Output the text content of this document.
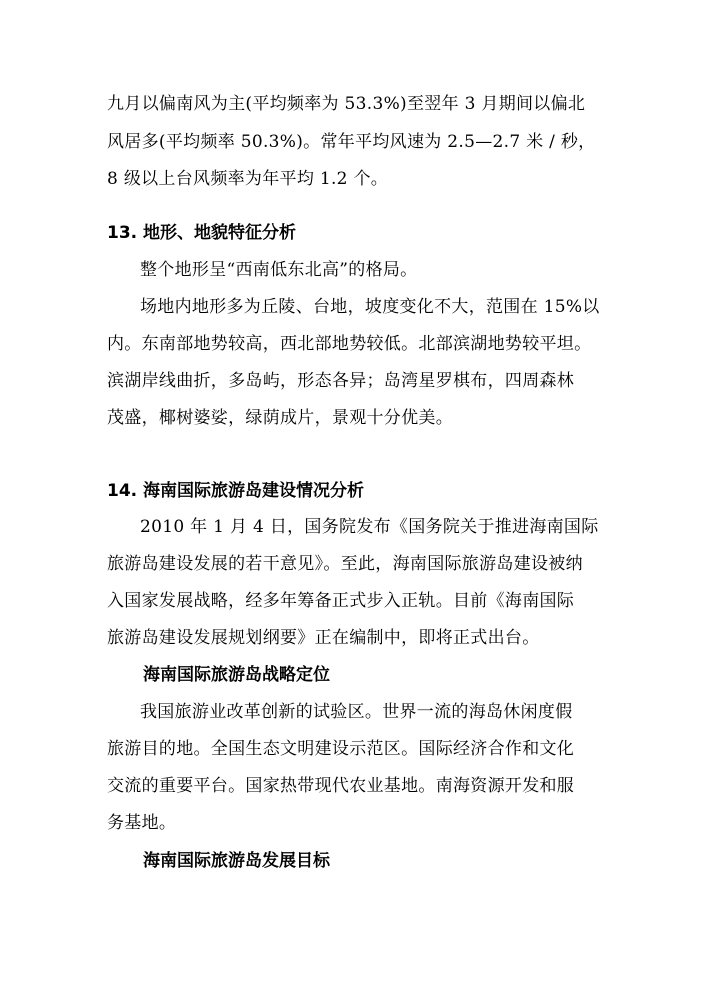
九月以偏南风为主(平均频率为 53.3%)至翌年 3 月期间以偏北
风居多(平均频率 50.3%)。常年平均风速为 2.5—2.7 米 / 秒，
8 级以上台风频率为年平均 1.2 个。
13. 地形、地貌特征分析
整个地形呈“西南低东北高”的格局。
场地内地形多为丘陵、台地，坡度变化不大，范围在 15%以
内。东南部地势较高，西北部地势较低。北部滨湖地势较平坦。
滨湖岸线曲折，多岛屿，形态各异；岛湾星罗棋布，四周森林
茂盛，椰树婆娑，绿荫成片，景观十分优美。
14. 海南国际旅游岛建设情况分析
2010 年 1 月 4 日，国务院发布《国务院关于推进海南国际
旅游岛建设发展的若干意见》。至此，海南国际旅游岛建设被纳
入国家发展战略，经多年筹备正式步入正轨。目前《海南国际
旅游岛建设发展规划纲要》正在编制中，即将正式出台。
海南国际旅游岛战略定位
我国旅游业改革创新的试验区。世界一流的海岛休闲度假
旅游目的地。全国生态文明建设示范区。国际经济合作和文化
交流的重要平台。国家热带现代农业基地。南海资源开发和服
务基地。
海南国际旅游岛发展目标
